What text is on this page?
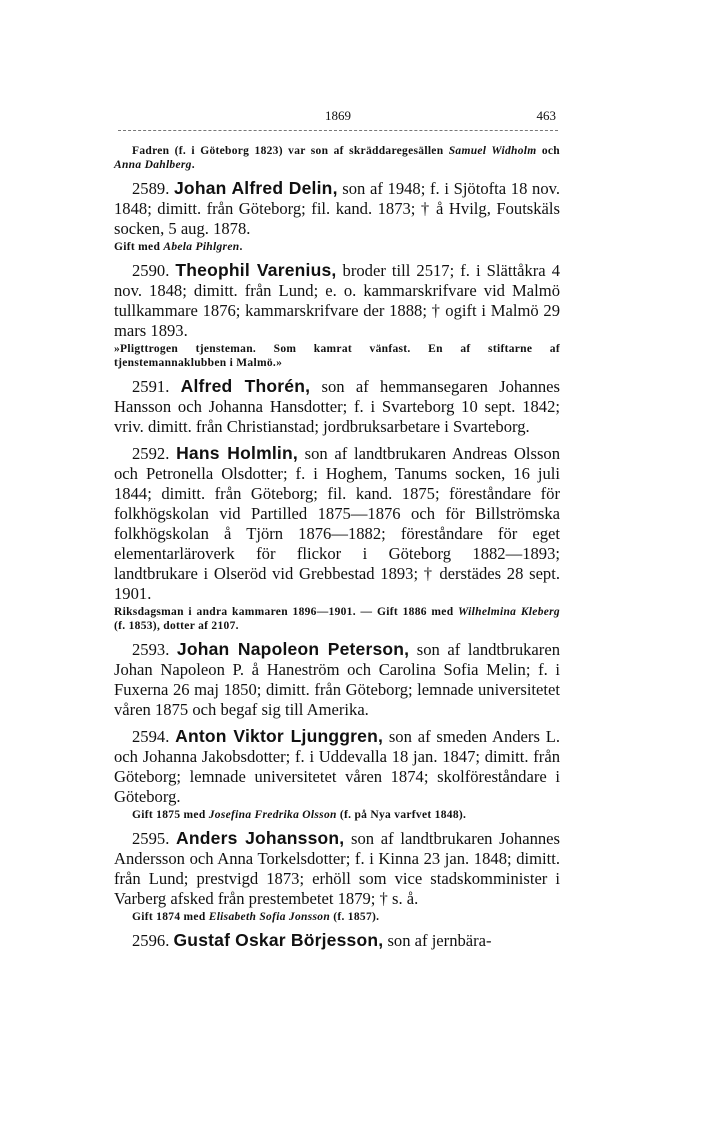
1869	463

Fadren (f. i Göteborg 1823) var son af skräddaregesällen Samuel Widholm och Anna Dahlberg.

2589. Johan Alfred Delin, son af 1948; f. i Sjötofta 18 nov. 1848; dimitt. från Göteborg; fil. kand. 1873; † å Hvilg, Foutskäls socken, 5 aug. 1878.

Gift med Abela Pihlgren.

2590. Theophil Varenius, broder till 2517; f. i Slättåkra 4 nov. 1848; dimitt. från Lund; e. o. kammarskrifvare vid Malmö tullkammare 1876; kammarskrifvare der 1888; † ogift i Malmö 29 mars 1893.

»Pligttrogen tjensteman. Som kamrat vänfast. En af stiftarne af tjenstemannaklubben i Malmö.»

2591. Alfred Thorén, son af hemmansegaren Johannes Hansson och Johanna Hansdotter; f. i Svarteborg 10 sept. 1842; vriv. dimitt. från Christianstad; jordbruksarbetare i Svarteborg.

2592. Hans Holmlin, son af landtbrukaren Andreas Olsson och Petronella Olsdotter; f. i Hoghem, Tanums socken, 16 juli 1844; dimitt. från Göteborg; fil. kand. 1875; föreståndare för folkhögskolan vid Partilled 1875—1876 och för Billströmska folkhögskolan å Tjörn 1876—1882; föreståndare för eget elementarläroverk för flickor i Göteborg 1882—1893; landtbrukare i Olseröd vid Grebbestad 1893; † derstädes 28 sept. 1901.

Riksdagsman i andra kammaren 1896—1901. — Gift 1886 med Wilhelmina Kleberg (f. 1853), dotter af 2107.

2593. Johan Napoleon Peterson, son af landtbrukaren Johan Napoleon P. å Haneström och Carolina Sofia Melin; f. i Fuxerna 26 maj 1850; dimitt. från Göteborg; lemnade universitetet våren 1875 och begaf sig till Amerika.

2594. Anton Viktor Ljunggren, son af smeden Anders L. och Johanna Jakobsdotter; f. i Uddevalla 18 jan. 1847; dimitt. från Göteborg; lemnade universitetet våren 1874; skolföreståndare i Göteborg.

Gift 1875 med Josefina Fredrika Olsson (f. på Nya varfvet 1848).

2595. Anders Johansson, son af landtbrukaren Johannes Andersson och Anna Torkelsdotter; f. i Kinna 23 jan. 1848; dimitt. från Lund; prestvigd 1873; erhöll som vice stadskomminister i Varberg afsked från prestembetet 1879; † s. å.

Gift 1874 med Elisabeth Sofia Jonsson (f. 1857).

2596. Gustaf Oskar Börjesson, son af jernbära-
